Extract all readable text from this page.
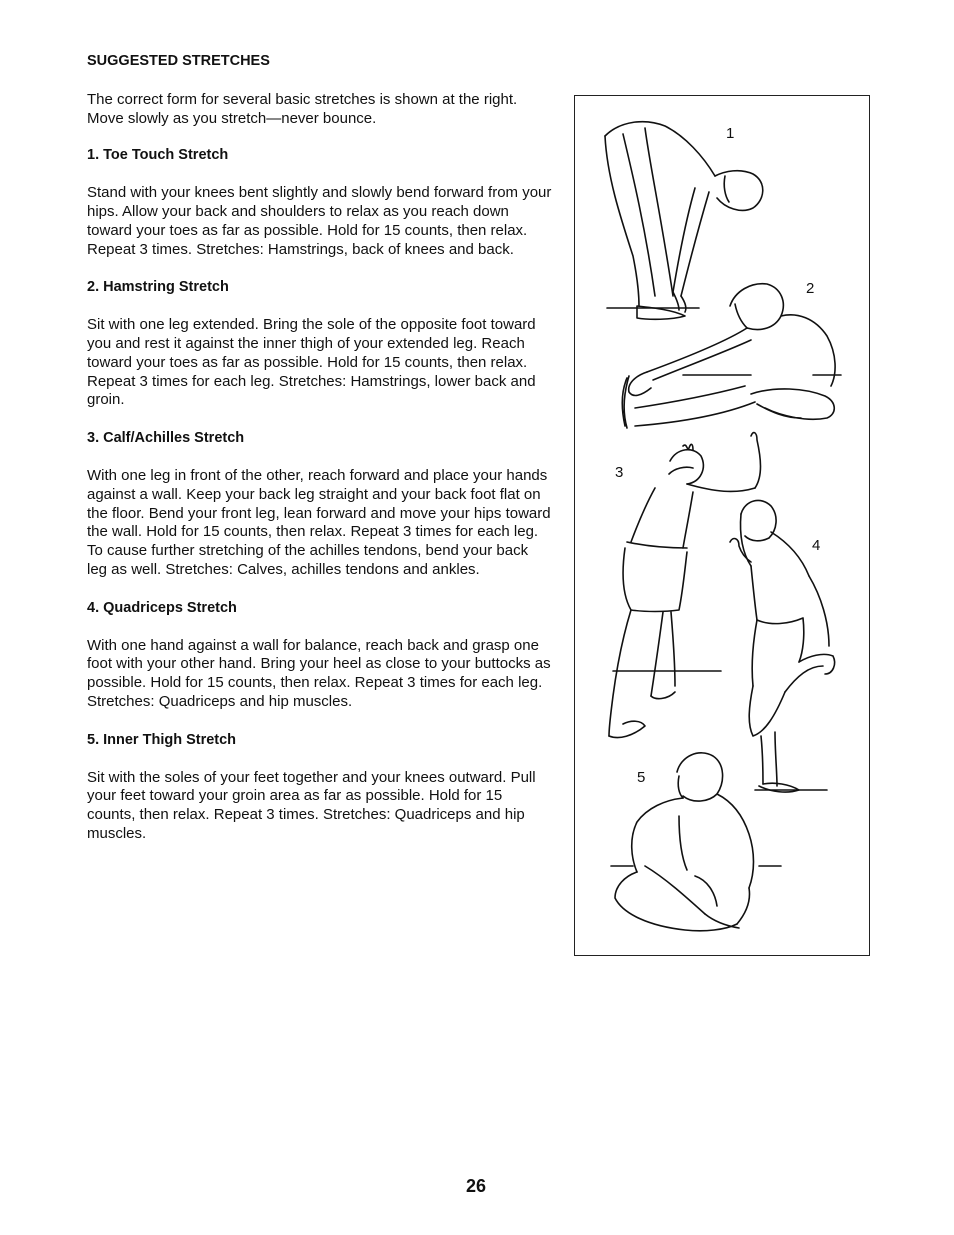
SUGGESTED STRETCHES
The correct form for several basic stretches is shown at the right. Move slowly as you stretch—never bounce.
1. Toe Touch Stretch
Stand with your knees bent slightly and slowly bend forward from your hips. Allow your back and shoulders to relax as you reach down toward your toes as far as possible. Hold for 15 counts, then relax. Repeat 3 times. Stretches: Hamstrings, back of knees and back.
2. Hamstring Stretch
Sit with one leg extended. Bring the sole of the opposite foot toward you and rest it against the inner thigh of your extended leg. Reach toward your toes as far as possible. Hold for 15 counts, then relax. Repeat 3 times for each leg. Stretches: Hamstrings, lower back and groin.
3. Calf/Achilles Stretch
With one leg in front of the other, reach forward and place your hands against a wall. Keep your back leg straight and your back foot flat on the floor. Bend your front leg, lean forward and move your hips toward the wall. Hold for 15 counts, then relax. Repeat 3 times for each leg. To cause further stretching of the achilles tendons, bend your back leg as well. Stretches: Calves, achilles tendons and ankles.
4. Quadriceps Stretch
With one hand against a wall for balance, reach back and grasp one foot with your other hand. Bring your heel as close to your buttocks as possible. Hold for 15 counts, then relax. Repeat 3 times for each leg. Stretches: Quadriceps and hip muscles.
5. Inner Thigh Stretch
Sit with the soles of your feet together and your knees outward. Pull your feet toward your groin area as far as possible. Hold for 15 counts, then relax. Repeat 3 times. Stretches: Quadriceps and hip muscles.
1
2
3
4
5
26
